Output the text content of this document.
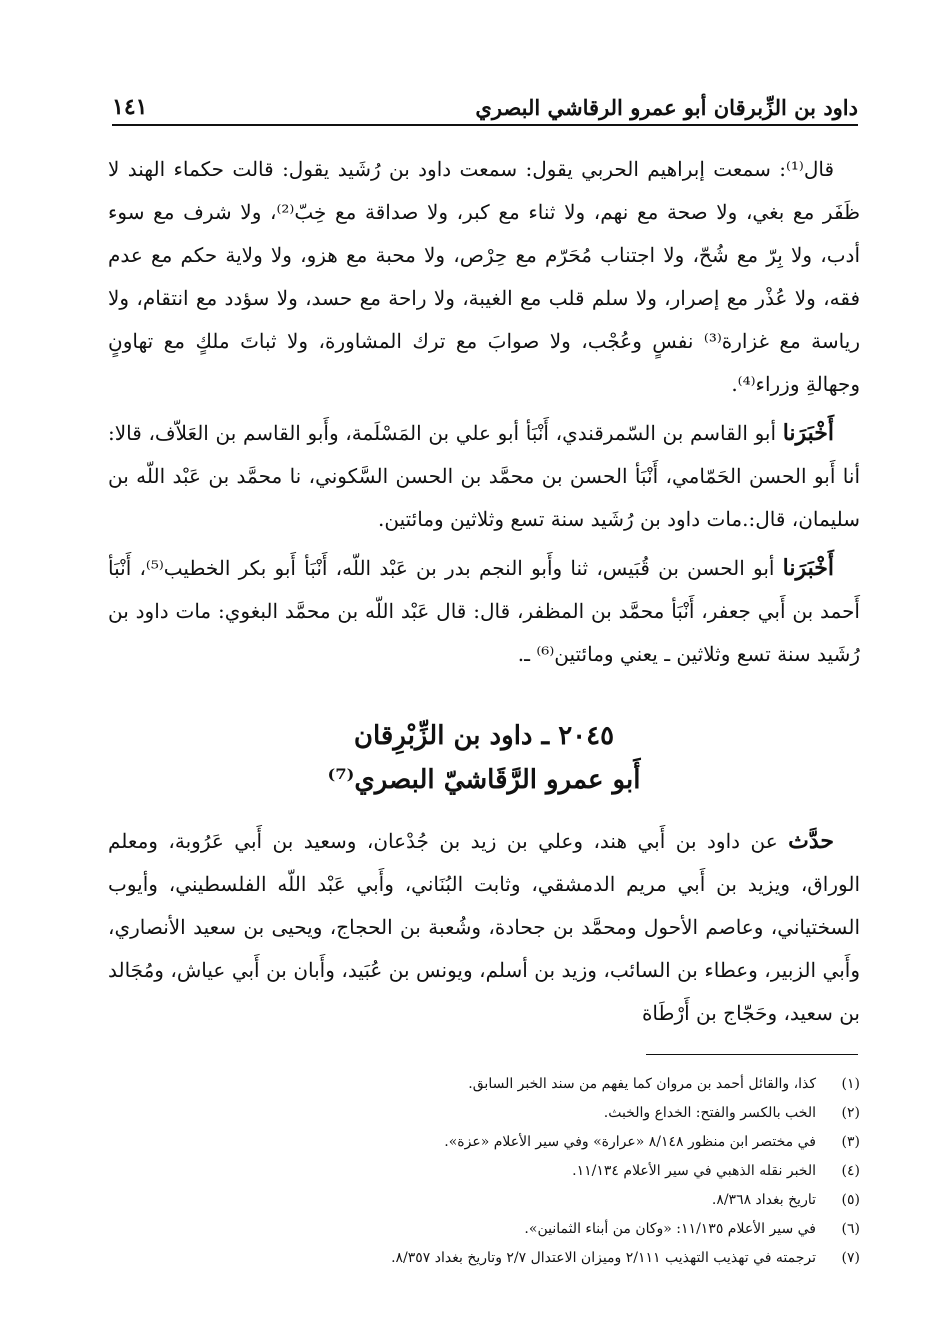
داود بن الزِّبرقان أبو عمرو الرقاشي البصري
١٤١

قال⁽¹⁾: سمعت إبراهيم الحربي يقول: سمعت داود بن رُشَيد يقول: قالت حكماء الهند لا ظَفَر مع بغي، ولا صحة مع نهم، ولا ثناء مع كبر، ولا صداقة مع خِبّ⁽²⁾، ولا شرف مع سوء أدب، ولا بِرّ مع شُحّ، ولا اجتناب مُحَرّم مع حِرْص، ولا محبة مع هزو، ولا ولاية حكم مع عدم فقه، ولا عُذْر مع إصرار، ولا سلم قلب مع الغيبة، ولا راحة مع حسد، ولا سؤدد مع انتقام، ولا رياسة مع غزارة⁽³⁾ نفسٍ وعُجْب، ولا صوابَ مع ترك المشاورة، ولا ثباتَ ملكٍ مع تهاونٍ وجهالةِ وزراء⁽⁴⁾.

أَخْبَرَنا أبو القاسم بن السّمرقندي، أَنْبَأ أبو علي بن المَسْلَمة، وأَبو القاسم بن العَلاّف، قالا: أنا أَبو الحسن الحَمّامي، أَنْبَأ الحسن بن محمَّد بن الحسن السَّكوني، نا محمَّد بن عَبْد اللّه بن سليمان، قال:.مات داود بن رُشَيد سنة تسع وثلاثين ومائتين.

أَخْبَرَنا أبو الحسن بن قُبَيس، ثنا وأَبو النجم بدر بن عَبْد اللّه، أَنْبَأ أَبو بكر الخطيب⁽⁵⁾، أَنْبَأ أَحمد بن أَبي جعفر، أَنْبَأ محمَّد بن المظفر، قال: قال عَبْد اللّه بن محمَّد البغوي: مات داود بن رُشَيد سنة تسع وثلاثين ـ يعني ومائتين⁽⁶⁾ ـ.

٢٠٤٥ ـ داود بن الزِّبْرِقان
أَبو عمرو الرَّقَاشيّ البصري⁽⁷⁾

حدَّث عن داود بن أَبي هند، وعلي بن زيد بن جُدْعان، وسعيد بن أَبي عَرُوبة، ومعلم الوراق، ويزيد بن أَبي مريم الدمشقي، وثابت البُنَاني، وأَبي عَبْد اللّه الفلسطيني، وأيوب السختياني، وعاصم الأحول ومحمَّد بن جحادة، وشُعبة بن الحجاج، ويحيى بن سعيد الأنصاري، وأَبي الزبير، وعطاء بن السائب، وزيد بن أسلم، ويونس بن عُبَيد، وأَبان بن أَبي عياش، ومُجَالد بن سعيد، وحَجّاج بن أَرْطَاة

(١)
كذا، والقائل أحمد بن مروان كما يفهم من سند الخبر السابق.
(٢)
الخب بالكسر والفتح: الخداع والخبث.
(٣)
في مختصر ابن منظور ٨/١٤٨ «عرارة» وفي سير الأعلام «عزة».
(٤)
الخبر نقله الذهبي في سير الأعلام ١١/١٣٤.
(٥)
تاريخ بغداد ٨/٣٦٨.
(٦)
في سير الأعلام ١١/١٣٥: «وكان من أبناء الثمانين».
(٧)
ترجمته في تهذيب التهذيب ٢/١١١ وميزان الاعتدال ٢/٧ وتاريخ بغداد ٨/٣٥٧.
